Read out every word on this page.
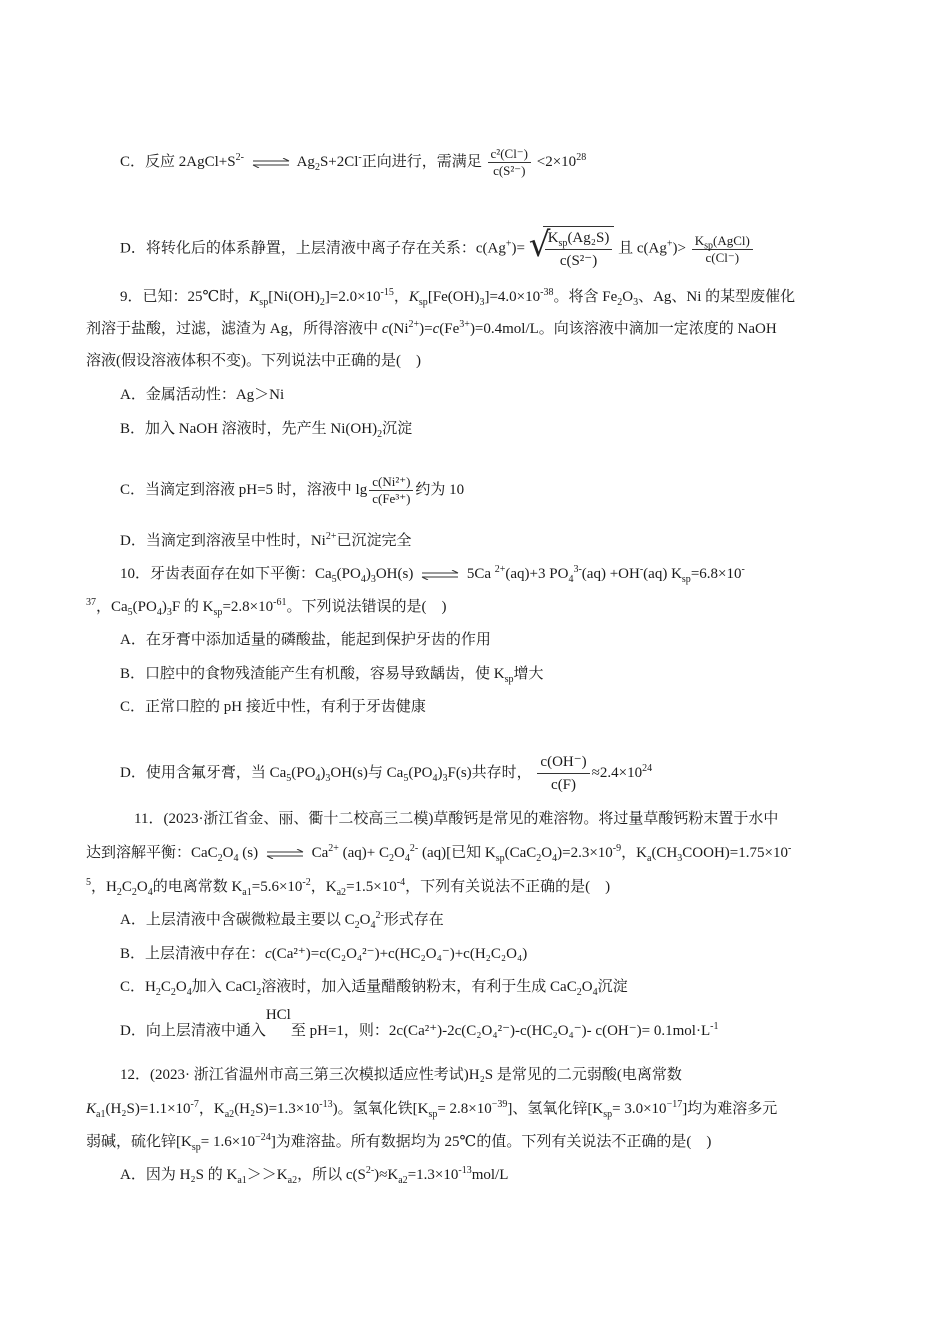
C．反应 $2AgCl+S^{2-}$ ⇌ $Ag_2S+2Cl^-$正向进行，需满足 $\frac{\text{c²(Cl⁻)}}{\text{c(S²⁻)}} <2\times 10^{28}$
D．将转化后的体系静置，上层清液中离子存在关系：c(Ag+)= √
$\frac{K_{sp}(Ag_2S)}{\text{c(S²⁻)}}$ 且 $c(Ag^+)> \frac{K_{sp}(AgCl)}{c(Cl^-)}$
9．已知：25℃时，$K_{sp}[Ni(OH)_2]=2.0\times 10^{-15}$，$K_{sp}[Fe(OH)_3]=4.0\times 10^{-38}$。将含 $Fe_2O_3$、Ag、Ni 的某型废催化
剂溶于盐酸，过滤，滤渣为 Ag，所得溶液中 $c(Ni^{2+})=c(Fe^{3+})=0.4mol/L$。向该溶液中滴加一定浓度的 NaOH
溶液(假设溶液体积不变)。下列说法中正确的是(　)
A．金属活动性：Ag＞Ni
B．加入 NaOH 溶液时，先产生 $Ni(OH)_2$沉淀
C．当滴定到溶液 pH=5 时，溶液中 $\lg \frac{\text{c(Ni²⁺)}}{\text{c(Fe³⁺)}}$ 约为 10
D．当滴定到溶液呈中性时，$Ni^{2+}$已沉淀完全
10．牙齿表面存在如下平衡：$Ca_5(PO_4)_3OH(s)$ ⇌ 5Ca $^{2+}$(aq)+3 $PO_4^{3-}(aq) +OH^-(aq)$ $K_{sp}=6.8\times 10^-$
$^{37}$，$Ca_5(PO_4)_3F$ 的 $K_{sp}=2.8\times 10^{-61}$。下列说法错误的是(　)
A．在牙膏中添加适量的磷酸盐，能起到保护牙齿的作用
B．口腔中的食物残渣能产生有机酸，容易导致龋齿，使 $K_{sp}$增大
C．正常口腔的 pH 接近中性，有利于牙齿健康
D．使用含氟牙膏，当 $Ca_5(PO_4)_3OH(s)$与 $Ca_5(PO_4)_3F(s)$共存时， $\frac{c(OH^-)}{c(F)} \approx 2.4\times 10^{24}$
11．(2023·浙江省金、丽、衢十二校高三二模)草酸钙是常见的难溶物。将过量草酸钙粉末置于水中
达到溶解平衡：$CaC_2O_4$ (s) ⇌ $Ca^{2+}$ $(aq)+ C_2O_4^{2-}$ (aq)[已知 $K_{sp}(CaC_2O_4)=2.3\times 10^{-9}$，$K_a(CH_3COOH)=1.75\times 10^-$
$^5$，$H_2C_2O_4$的电离常数 $K_{a1}=5.6\times 10^{-2}$，$K_{a2}=1.5\times 10^{-4}$，下列有关说法不正确的是(　)
A．上层清液中含碳微粒最主要以 $C_2O_4^{2-}$形式存在
B．上层清液中存在：c(Ca²⁺)=c(C₂O₄²⁻)+c(HC₂O₄⁻)+c(H₂C₂O₄)
C．$H_2C_2O_4$加入 CaCl$_2$溶液时，加入适量醋酸钠粉末，有利于生成 $CaC_2O_4$沉淀
D．向上层清液中通入
HCl
至 pH=1，则：2c(Ca²⁺)-2c(C₂O₄²⁻)-c(HC₂O₄⁻)- $c(OH^-)= 0.1mol\cdot L^{-1}$
12．(2023· 浙江省温州市高三第三次模拟适应性考试)H₂S 是常见的二元弱酸(电离常数
$K_{a1}(H_2S)=1.1\times 10^{-7}$，$K_{a2}(H_2S)=1.3\times 10^{-13}$)。氢氧化铁$[K_{sp}= 2.8\times 10^{-39}]$、氢氧化锌$[K_{sp}= 3.0\times 10^{-17}]$均为难溶多元
弱碱，硫化锌$[K_{sp}= 1.6\times 10^{-24}]$为难溶盐。所有数据均为 25℃的值。下列有关说法不正确的是(　)
A．因为 H₂S 的 $K_{a1}>>K_{a2}$，所以 $c(S^{2-})\approx K_{a2}=1.3\times 10^{-13}mol/L$
